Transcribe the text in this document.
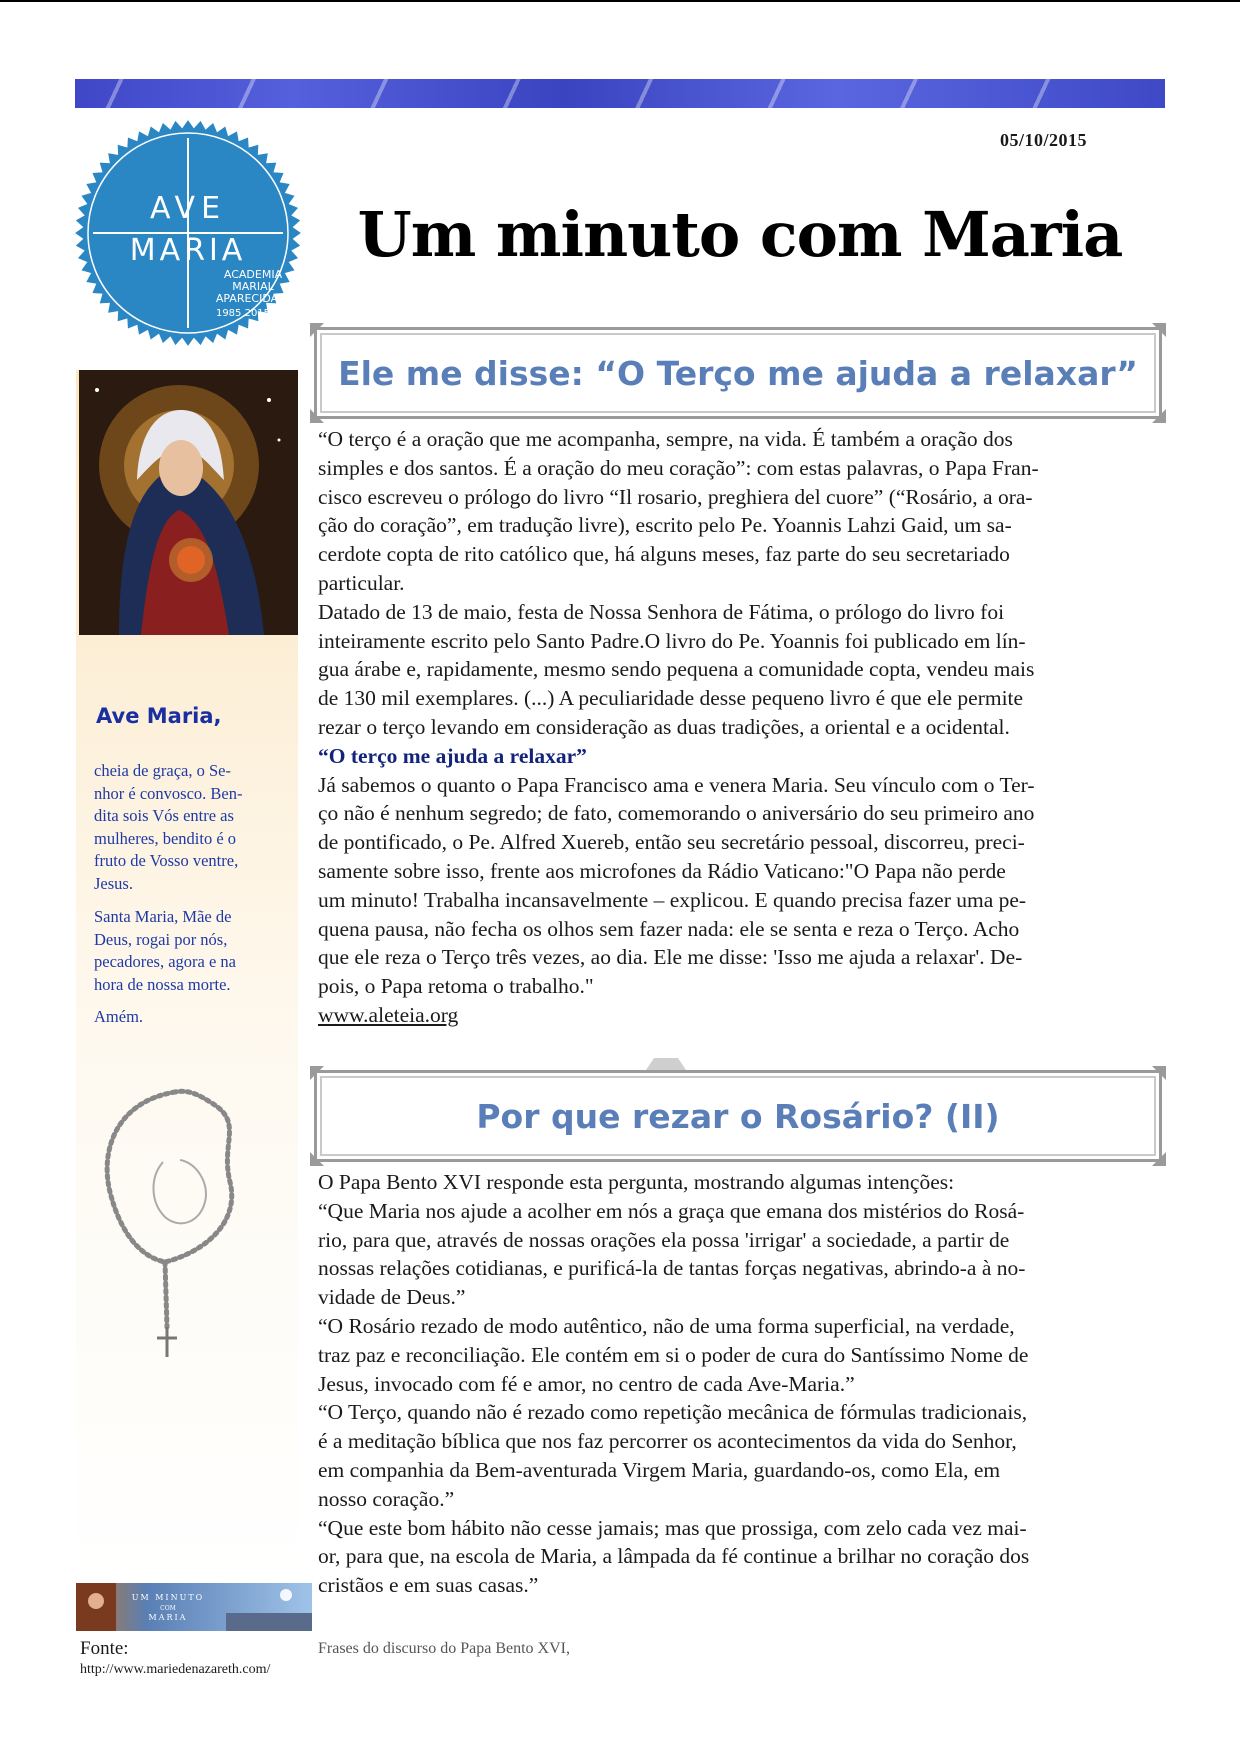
05/10/2015
AVE
MARIA
ACADEMIA
MARIAL
APARECIDA
1985 2015
Um minuto com Maria
Ave Maria,

cheia de graça, o Se-
nhor é convosco. Ben-
dita sois Vós entre as
mulheres, bendito é o
fruto de Vosso ventre,
Jesus.

Santa Maria, Mãe de
Deus, rogai por nós,
pecadores, agora e na
hora de nossa morte.

Amém.

UM MINUTO
COM
MARIA
Fonte:
http://www.mariedenazareth.com/
Ele me disse: “O Terço me ajuda a relaxar”

“O terço é a oração que me acompanha, sempre, na vida. É também a oração dos
simples e dos santos. É a oração do meu coração”: com estas palavras, o Papa Fran-
cisco escreveu o prólogo do livro “Il rosario, preghiera del cuore” (“Rosário, a ora-
ção do coração”, em tradução livre), escrito pelo Pe. Yoannis Lahzi Gaid, um sa-
cerdote copta de rito católico que, há alguns meses, faz parte do seu secretariado
particular.
Datado de 13 de maio, festa de Nossa Senhora de Fátima, o prólogo do livro foi
inteiramente escrito pelo Santo Padre.O livro do Pe. Yoannis foi publicado em lín-
gua árabe e, rapidamente, mesmo sendo pequena a comunidade copta, vendeu mais
de 130 mil exemplares. (...) A peculiaridade desse pequeno livro é que ele permite
rezar o terço levando em consideração as duas tradições, a oriental e a ocidental.
“O terço me ajuda a relaxar”
Já sabemos o quanto o Papa Francisco ama e venera Maria. Seu vínculo com o Ter-
ço não é nenhum segredo; de fato, comemorando o aniversário do seu primeiro ano
de pontificado, o Pe. Alfred Xuereb, então seu secretário pessoal, discorreu, preci-
samente sobre isso, frente aos microfones da Rádio Vaticano:"O Papa não perde
um minuto! Trabalha incansavelmente – explicou. E quando precisa fazer uma pe-
quena pausa, não fecha os olhos sem fazer nada: ele se senta e reza o Terço. Acho
que ele reza o Terço três vezes, ao dia. Ele me disse: 'Isso me ajuda a relaxar'. De-
pois, o Papa retoma o trabalho."
www.aleteia.org

Por que rezar o Rosário? (II)

O Papa Bento XVI responde esta pergunta, mostrando algumas intenções:
“Que Maria nos ajude a acolher em nós a graça que emana dos mistérios do Rosá-
rio, para que, através de nossas orações ela possa 'irrigar' a sociedade, a partir de
nossas relações cotidianas, e purificá-la de tantas forças negativas, abrindo-a à no-
vidade de Deus.”
“O Rosário rezado de modo autêntico, não de uma forma superficial, na verdade,
traz paz e reconciliação. Ele contém em si o poder de cura do Santíssimo Nome de
Jesus, invocado com fé e amor, no centro de cada Ave-Maria.”
“O Terço, quando não é rezado como repetição mecânica de fórmulas tradicionais,
é a meditação bíblica que nos faz percorrer os acontecimentos da vida do Senhor,
em companhia da Bem-aventurada Virgem Maria, guardando-os, como Ela, em
nosso coração.”
“Que este bom hábito não cesse jamais; mas que prossiga, com zelo cada vez mai-
or, para que, na escola de Maria, a lâmpada da fé continue a brilhar no coração dos
cristãos e em suas casas.”

Frases do discurso do Papa Bento XVI,
